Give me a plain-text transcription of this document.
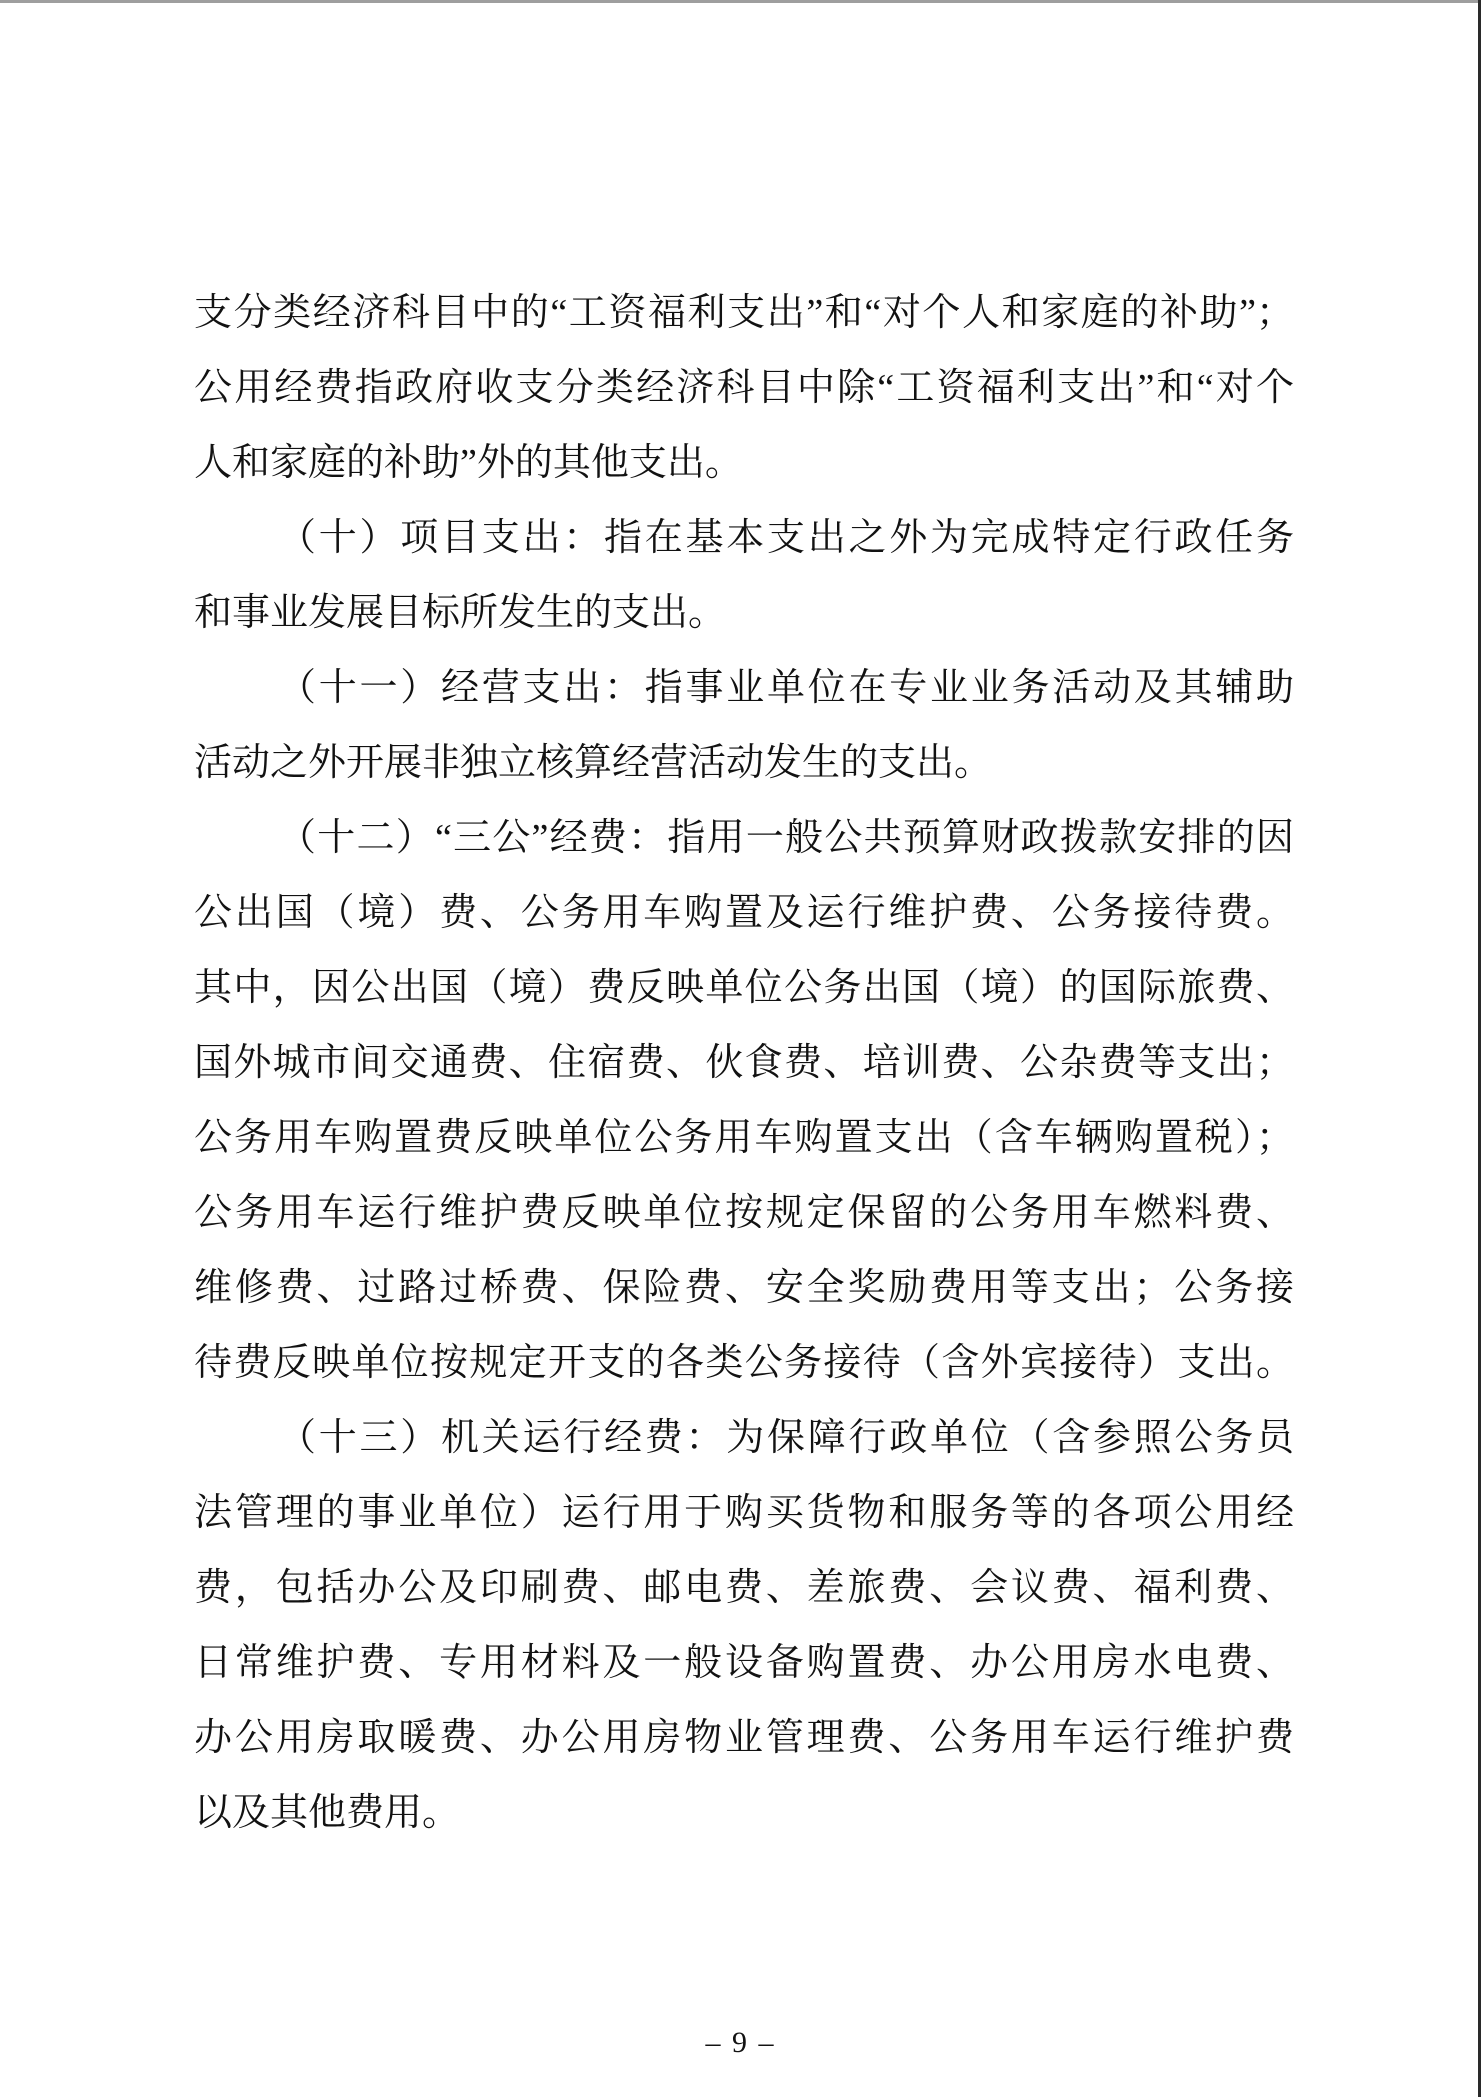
支分类经济科目中的“工资福利支出”和“对个人和家庭的补助”；
公用经费指政府收支分类经济科目中除“工资福利支出”和“对个
人和家庭的补助”外的其他支出。
（十）项目支出：指在基本支出之外为完成特定行政任务
和事业发展目标所发生的支出。
（十一）经营支出：指事业单位在专业业务活动及其辅助
活动之外开展非独立核算经营活动发生的支出。
（十二）“三公”经费：指用一般公共预算财政拨款安排的因
公出国（境）费、公务用车购置及运行维护费、公务接待费。
其中，因公出国（境）费反映单位公务出国（境）的国际旅费、
国外城市间交通费、住宿费、伙食费、培训费、公杂费等支出；
公务用车购置费反映单位公务用车购置支出（含车辆购置税）；
公务用车运行维护费反映单位按规定保留的公务用车燃料费、
维修费、过路过桥费、保险费、安全奖励费用等支出；公务接
待费反映单位按规定开支的各类公务接待（含外宾接待）支出。
（十三）机关运行经费：为保障行政单位（含参照公务员
法管理的事业单位）运行用于购买货物和服务等的各项公用经
费，包括办公及印刷费、邮电费、差旅费、会议费、福利费、
日常维护费、专用材料及一般设备购置费、办公用房水电费、
办公用房取暖费、办公用房物业管理费、公务用车运行维护费
以及其他费用。
– 9 –
